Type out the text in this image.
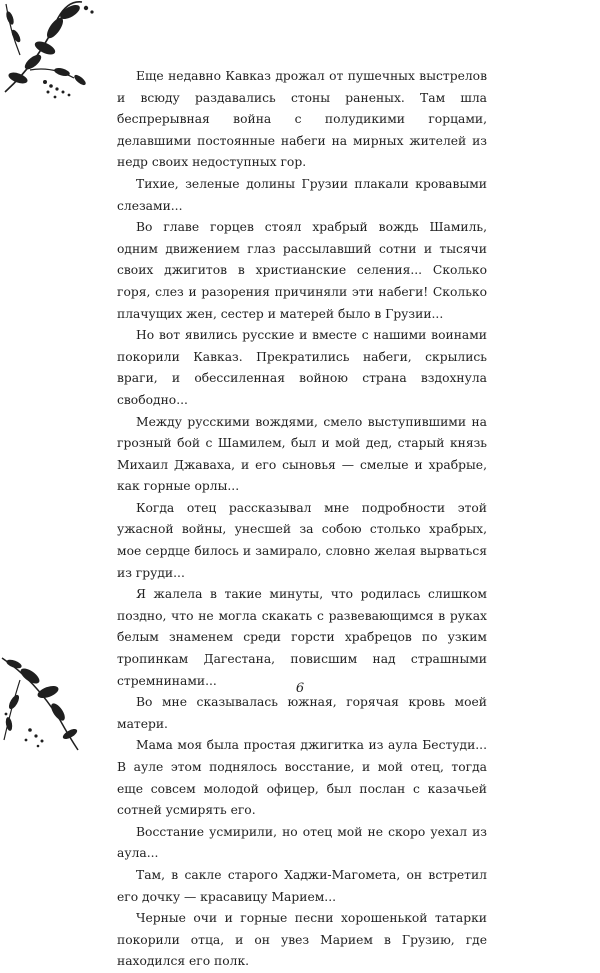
Еще недавно Кавказ дрожал от пушечных выстрелов и всюду раздавались стоны раненых. Там шла беспрерывная война с полудикими горцами, делавшими постоянные набеги на мирных жителей из недр своих недоступных гор.

Тихие, зеленые долины Грузии плакали кровавыми слезами...

Во главе горцев стоял храбрый вождь Шамиль, одним движением глаз рассылавший сотни и тысячи своих джигитов в христианские селения... Сколько горя, слез и разорения причиняли эти набеги! Сколько плачущих жен, сестер и матерей было в Грузии...

Но вот явились русские и вместе с нашими воинами покорили Кавказ. Прекратились набеги, скрылись враги, и обессиленная войною страна вздохнула свободно...

Между русскими вождями, смело выступившими на грозный бой с Шамилем, был и мой дед, старый князь Михаил Джаваха, и его сыновья — смелые и храбрые, как горные орлы...

Когда отец рассказывал мне подробности этой ужасной войны, унесшей за собою столько храбрых, мое сердце билось и замирало, словно желая вырваться из груди...

Я жалела в такие минуты, что родилась слишком поздно, что не могла скакать с развевающимся в руках белым знаменем среди горсти храбрецов по узким тропинкам Дагестана, повисшим над страшными стремнинами...

Во мне сказывалась южная, горячая кровь моей матери.

Мама моя была простая джигитка из аула Бестуди... В ауле этом поднялось восстание, и мой отец, тогда еще совсем молодой офицер, был послан с казачьей сотней усмирять его.

Восстание усмирили, но отец мой не скоро уехал из аула...

Там, в сакле старого Хаджи-Магомета, он встретил его дочку — красавицу Марием...

Черные очи и горные песни хорошенькой татарки покорили отца, и он увез Марием в Грузию, где находился его полк.

6
